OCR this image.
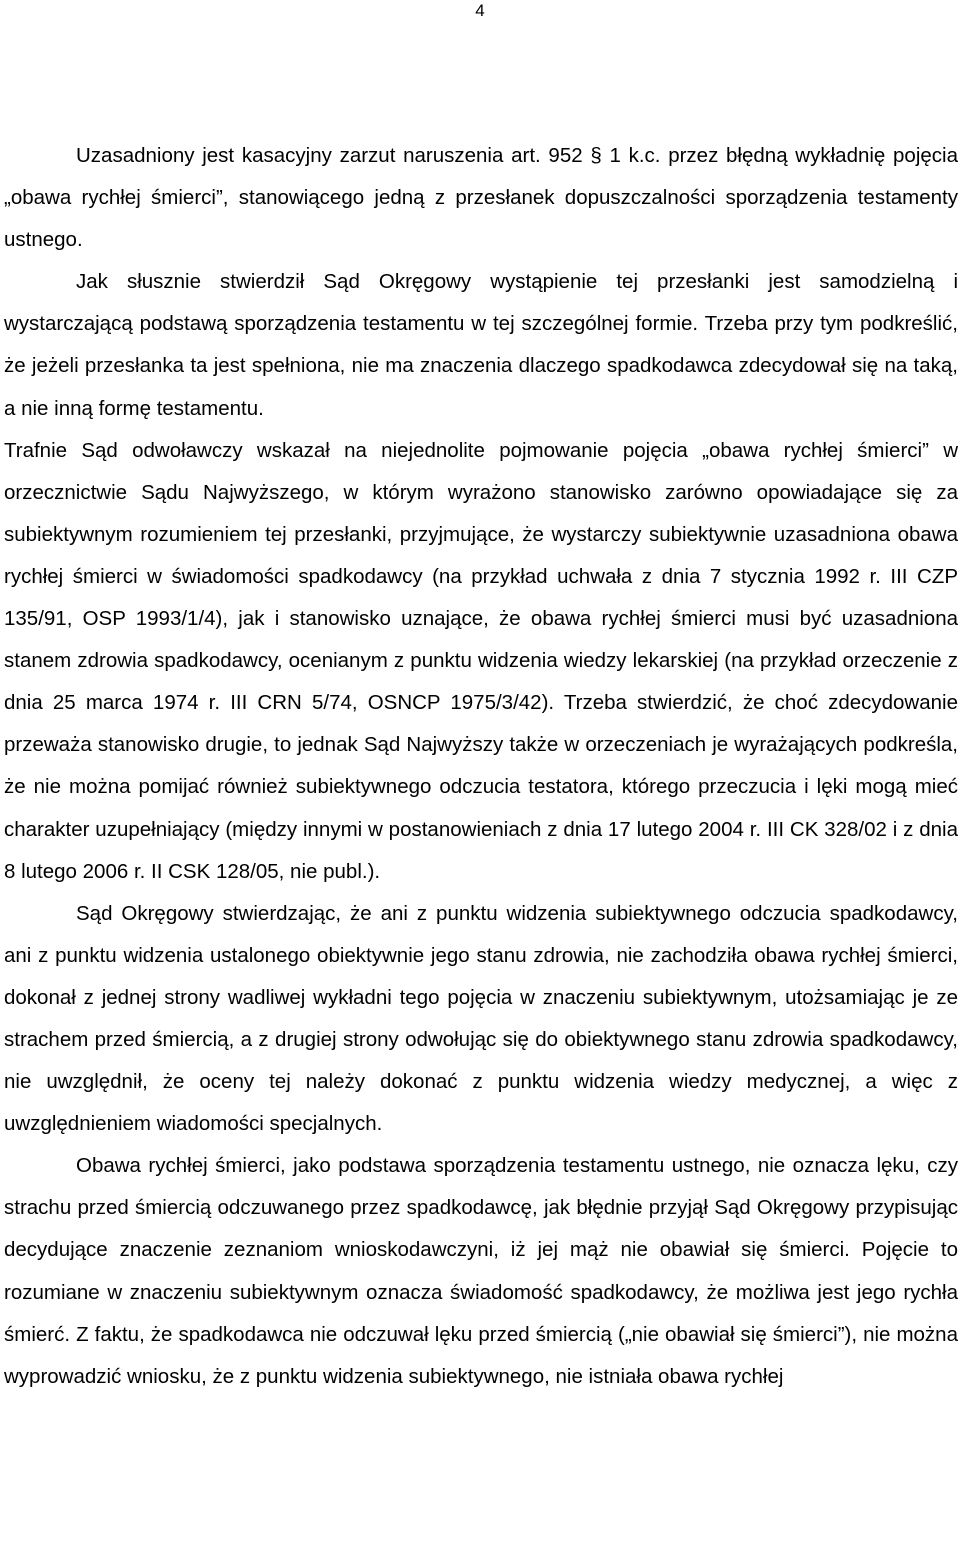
4

Uzasadniony jest kasacyjny zarzut naruszenia art. 952 § 1 k.c. przez błędną wykładnię pojęcia „obawa rychłej śmierci”, stanowiącego jedną z przesłanek dopuszczalności sporządzenia testamenty ustnego.

Jak słusznie stwierdził Sąd Okręgowy wystąpienie tej przesłanki jest samodzielną i wystarczającą podstawą sporządzenia testamentu w tej szczególnej formie. Trzeba przy tym podkreślić, że jeżeli przesłanka ta jest spełniona, nie ma znaczenia dlaczego spadkodawca zdecydował się na taką, a nie inną formę testamentu.

Trafnie Sąd odwoławczy wskazał na niejednolite pojmowanie pojęcia „obawa rychłej śmierci” w orzecznictwie Sądu Najwyższego, w którym wyrażono stanowisko zarówno opowiadające się za subiektywnym rozumieniem tej przesłanki, przyjmujące, że wystarczy subiektywnie uzasadniona obawa rychłej śmierci w świadomości spadkodawcy (na przykład uchwała z dnia 7 stycznia 1992 r. III CZP 135/91, OSP 1993/1/4), jak i stanowisko uznające, że obawa rychłej śmierci musi być uzasadniona stanem zdrowia spadkodawcy, ocenianym z punktu widzenia wiedzy lekarskiej (na przykład orzeczenie z dnia 25 marca 1974 r. III CRN 5/74, OSNCP 1975/3/42). Trzeba stwierdzić, że choć zdecydowanie przeważa stanowisko drugie, to jednak Sąd Najwyższy także w orzeczeniach je wyrażających podkreśla, że nie można pomijać również subiektywnego odczucia testatora, którego przeczucia i lęki mogą mieć charakter uzupełniający (między innymi w postanowieniach z dnia 17 lutego 2004 r. III CK 328/02 i z dnia 8 lutego 2006 r. II CSK 128/05, nie publ.).

Sąd Okręgowy stwierdzając, że ani z punktu widzenia subiektywnego odczucia spadkodawcy, ani z punktu widzenia ustalonego obiektywnie jego stanu zdrowia, nie zachodziła obawa rychłej śmierci, dokonał z jednej strony wadliwej wykładni tego pojęcia w znaczeniu subiektywnym, utożsamiając je ze strachem przed śmiercią, a z drugiej strony odwołując się do obiektywnego stanu zdrowia spadkodawcy, nie uwzględnił, że oceny tej należy dokonać z punktu widzenia wiedzy medycznej, a więc z uwzględnieniem wiadomości specjalnych.

Obawa rychłej śmierci, jako podstawa sporządzenia testamentu ustnego, nie oznacza lęku, czy strachu przed śmiercią odczuwanego przez spadkodawcę, jak błędnie przyjął Sąd Okręgowy przypisując decydujące znaczenie zeznaniom wnioskodawczyni, iż jej mąż nie obawiał się śmierci. Pojęcie to rozumiane w znaczeniu subiektywnym oznacza świadomość spadkodawcy, że możliwa jest jego rychła śmierć. Z faktu, że spadkodawca nie odczuwał lęku przed śmiercią („nie obawiał się śmierci”), nie można wyprowadzić wniosku, że z punktu widzenia subiektywnego, nie istniała obawa rychłej
